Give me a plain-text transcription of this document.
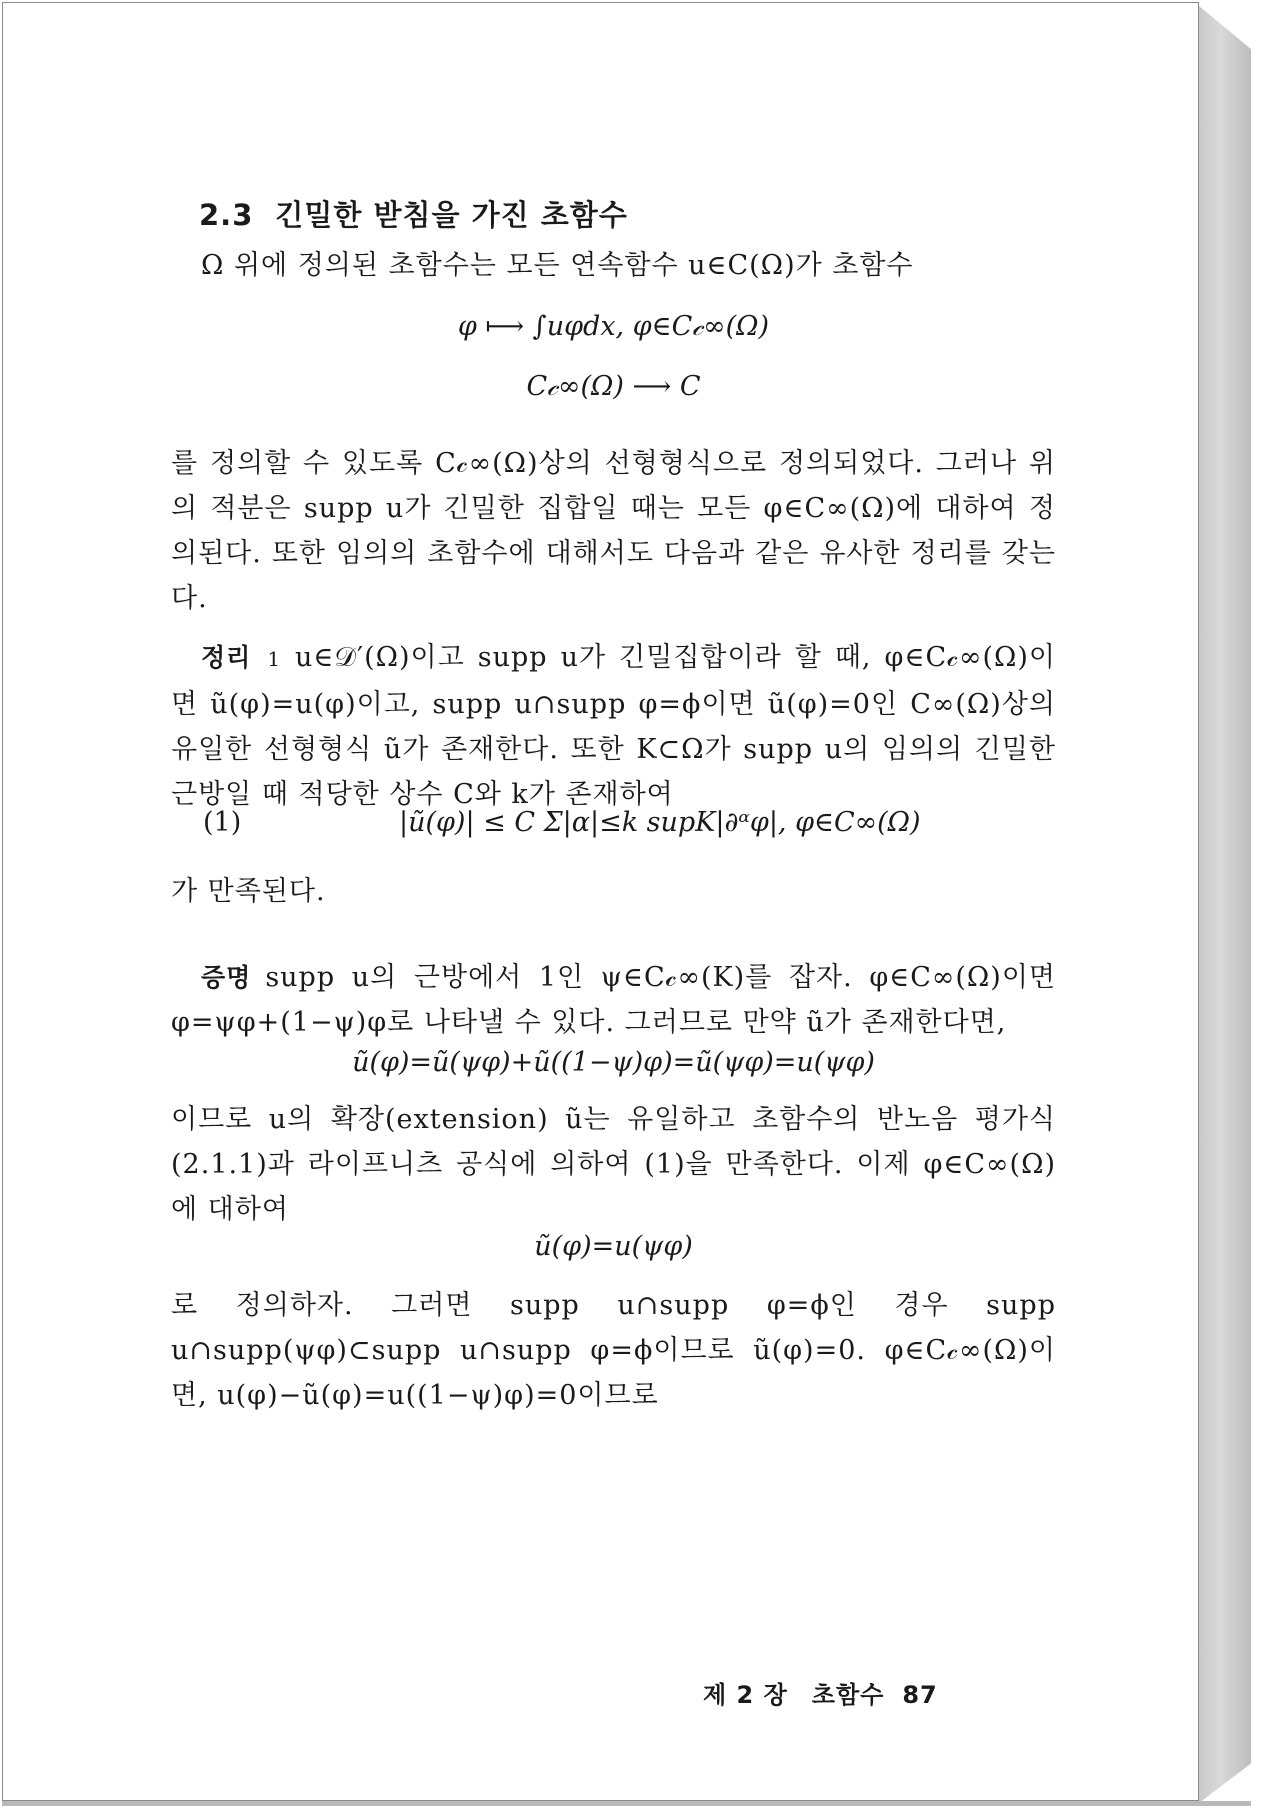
2.3 긴밀한 받침을 가진 초함수
Ω 위에 정의된 초함수는 모든 연속함수 u∈C(Ω)가 초함수
φ ⟼ ∫uφdx, φ∈C𝒸∞(Ω)
C𝒸∞(Ω) ⟶ C
를 정의할 수 있도록 C𝒸∞(Ω)상의 선형형식으로 정의되었다. 그러나 위의 적분은 supp u가 긴밀한 집합일 때는 모든 φ∈C∞(Ω)에 대하여 정의된다. 또한 임의의 초함수에 대해서도 다음과 같은 유사한 정리를 갖는다.
정리 1 u∈𝒟′(Ω)이고 supp u가 긴밀집합이라 할 때, φ∈C𝒸∞(Ω)이면 ũ(φ)=u(φ)이고, supp u∩supp φ=ϕ이면 ũ(φ)=0인 C∞(Ω)상의 유일한 선형형식 ũ가 존재한다. 또한 K⊂Ω가 supp u의 임의의 긴밀한 근방일 때 적당한 상수 C와 k가 존재하여
(1)	|ũ(φ)| ≤ C Σ|α|≤k supK|∂ᵅφ|, φ∈C∞(Ω)
가 만족된다.
증명 supp u의 근방에서 1인 ψ∈C𝒸∞(K)를 잡자. φ∈C∞(Ω)이면 φ=ψφ+(1−ψ)φ로 나타낼 수 있다. 그러므로 만약 ũ가 존재한다면,
ũ(φ)=ũ(ψφ)+ũ((1−ψ)φ)=ũ(ψφ)=u(ψφ)
이므로 u의 확장(extension) ũ는 유일하고 초함수의 반노음 평가식(2.1.1)과 라이프니츠 공식에 의하여 (1)을 만족한다. 이제 φ∈C∞(Ω)에 대하여
ũ(φ)=u(ψφ)
로 정의하자. 그러면 supp u∩supp φ=ϕ인 경우 supp u∩supp(ψφ)⊂supp u∩supp φ=ϕ이므로 ũ(φ)=0. φ∈C𝒸∞(Ω)이면, u(φ)−ũ(φ)=u((1−ψ)φ)=0이므로
제 2 장 초함수 87
